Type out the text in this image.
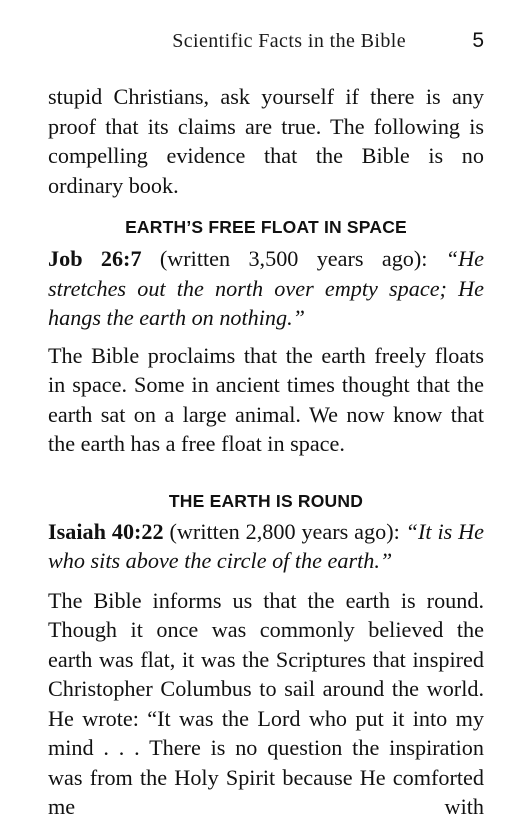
Scientific Facts in the Bible	5

stupid Christians, ask yourself if there is any proof that its claims are true. The following is compelling evidence that the Bible is no ordinary book.

EARTH’S FREE FLOAT IN SPACE

Job 26:7 (written 3,500 years ago): “He stretches out the north over empty space; He hangs the earth on nothing.”

The Bible proclaims that the earth freely floats in space. Some in ancient times thought that the earth sat on a large animal. We now know that the earth has a free float in space.

THE EARTH IS ROUND

Isaiah 40:22 (written 2,800 years ago): “It is He who sits above the circle of the earth.”

The Bible informs us that the earth is round. Though it once was commonly believed the earth was flat, it was the Scriptures that inspired Christopher Columbus to sail around the world. He wrote: “It was the Lord who put it into my mind . . . There is no question the inspiration was from the Holy Spirit because He comforted me with
